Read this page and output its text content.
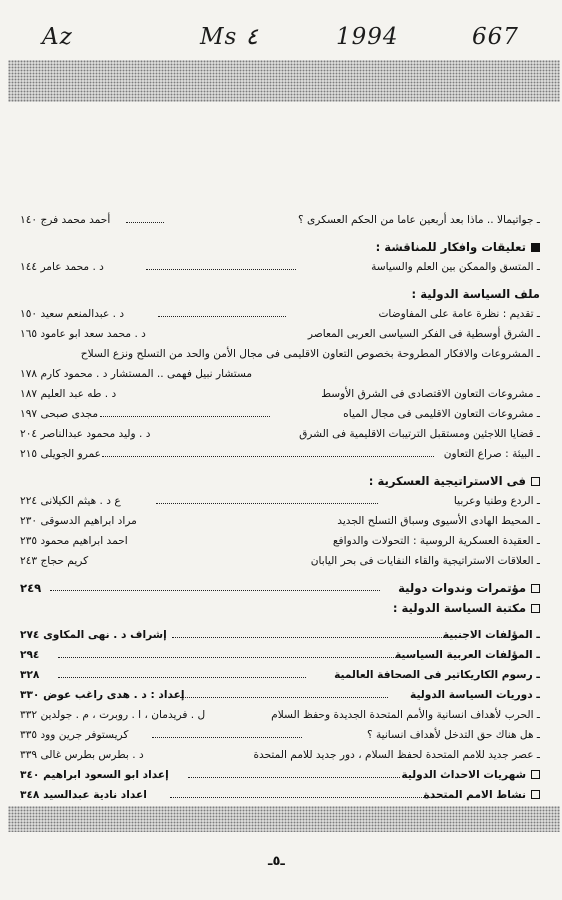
Az	Ms ٤	1994	667
أحمد محمد فرج ١٤٠	ـ جواتيمالا .. ماذا بعد أربعين عاما من الحكم العسكرى ؟
تعليقات وافكار للمناقشة :
د . محمد عامر ١٤٤	ـ المتسق والممكن بين العلم والسياسة
ملف السياسة الدولية :
د . عبدالمنعم سعيد ١٥٠	ـ تقديم : نظرة عامة على المفاوضات
د . محمد سعد ابو عامود ١٦٥	ـ الشرق أوسطية فى الفكر السياسى العربى المعاصر
ـ المشروعات والافكار المطروحة بخصوص التعاون الاقليمى فى مجال الأمن والحد من التسلح ونزع السلاح
مستشار نبيل فهمى .. المستشار د . محمود كارم ١٧٨
د . طه عبد العليم ١٨٧	ـ مشروعات التعاون الاقتصادى فى الشرق الأوسط
مجدى صبحى ١٩٧	ـ مشروعات التعاون الاقليمى فى مجال المياه
د . وليد محمود عبدالناصر ٢٠٤	ـ قضايا اللاجئين ومستقبل الترتيبات الاقليمية فى الشرق
عمرو الجويلى ٢١٥	ـ البيئة : صراع التعاون
فى الاستراتيجية العسكرية :
ع د . هيثم الكيلانى ٢٢٤	ـ الردع وطنيا وعربيا
مراد ابراهيم الدسوقى ٢٣٠	ـ المحيط الهادى الأسيوى وسباق التسلح الجديد
احمد ابراهيم محمود ٢٣٥	ـ العقيدة العسكرية الروسية : التحولات والدوافع
كريم حجاج ٢٤٣	ـ العلاقات الاستراتيجية والقاء النفايات فى بحر اليابان
٢٤٩	مؤتمرات وندوات دولية
مكتبة السياسة الدولية :
إشراف د . نهى المكاوى ٢٧٤	ـ المؤلفات الاجنبية
٢٩٤	ـ المؤلفات العربية السياسية
٣٢٨	ـ رسوم الكاريكاتير فى الصحافة العالمية
إعداد : د . هدى راغب عوض ٣٣٠	ـ دوريات السياسة الدولية
ل . فريدمان ، ا . روبرت ، م . جولدين ٣٣٢	ـ الحرب لأهداف انسانية والأمم المتحدة الجديدة وحفظ السلام
كريستوفر جرين وود ٣٣٥	ـ هل هناك حق التدخل لأهداف انسانية ؟
د . بطرس بطرس غالى ٣٣٩	ـ عصر جديد للامم المتحدة لحفظ السلام ، دور جديد للامم المتحدة
إعداد ابو السعود ابراهيم ٣٤٠	شهريات الاحداث الدولية
اعداد نادية عبدالسيد ٣٤٨	نشاط الامم المتحدة
ـ٥ـ
